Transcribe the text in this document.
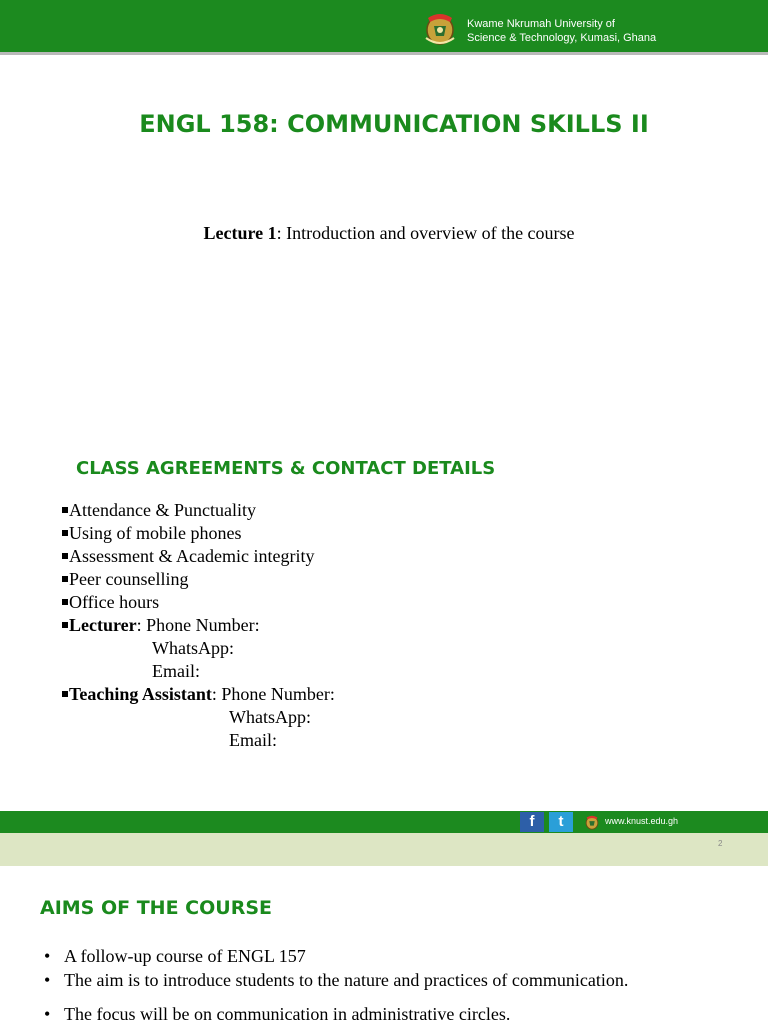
Kwame Nkrumah University of
Science & Technology, Kumasi, Ghana
ENGL 158: COMMUNICATION SKILLS II
Lecture 1: Introduction and overview of the course
CLASS AGREEMENTS & CONTACT DETAILS
Attendance & Punctuality
Using of mobile phones
Assessment & Academic integrity
Peer counselling
Office hours
Lecturer: Phone Number:
WhatsApp:
Email:
Teaching Assistant: Phone Number:
WhatsApp:
Email:
f	t	www.knust.edu.gh
2
AIMS OF THE COURSE
• A follow-up course of ENGL 157
• The aim is to introduce students to the nature and practices of communication.
• The focus will be on communication in administrative circles.
